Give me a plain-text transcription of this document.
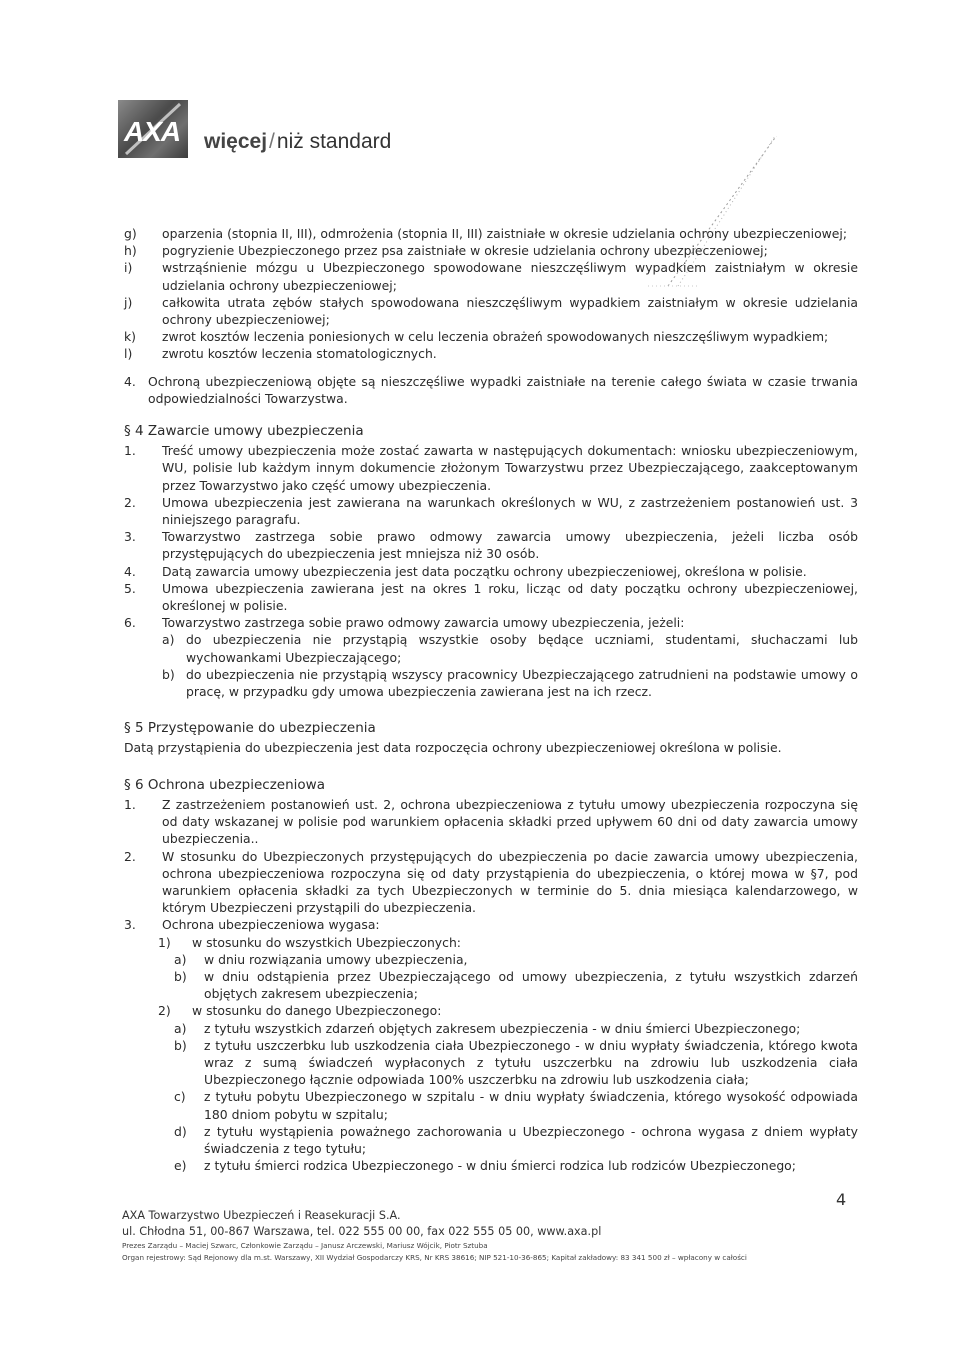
AXA więcej/niż standard
g) oparzenia (stopnia II, III), odmrożenia (stopnia II, III) zaistniałe w okresie udzielania ochrony ubezpieczeniowej;
h) pogryzienie Ubezpieczonego przez psa zaistniałe w okresie udzielania ochrony ubezpieczeniowej;
i) wstrząśnienie mózgu u Ubezpieczonego spowodowane nieszczęśliwym wypadkiem zaistniałym w okresie udzielania ochrony ubezpieczeniowej;
j) całkowita utrata zębów stałych spowodowana nieszczęśliwym wypadkiem zaistniałym w okresie udzielania ochrony ubezpieczeniowej;
k) zwrot kosztów leczenia poniesionych w celu leczenia obrażeń spowodowanych nieszczęśliwym wypadkiem;
l) zwrotu kosztów leczenia stomatologicznych.
4. Ochroną ubezpieczeniową objęte są nieszczęśliwe wypadki zaistniałe na terenie całego świata w czasie trwania odpowiedzialności Towarzystwa.
§ 4 Zawarcie umowy ubezpieczenia
1. Treść umowy ubezpieczenia może zostać zawarta w następujących dokumentach: wniosku ubezpieczeniowym, WU, polisie lub każdym innym dokumencie złożonym Towarzystwu przez Ubezpieczającego, zaakceptowanym przez Towarzystwo jako część umowy ubezpieczenia.
2. Umowa ubezpieczenia jest zawierana na warunkach określonych w WU, z zastrzeżeniem postanowień ust. 3 niniejszego paragrafu.
3. Towarzystwo zastrzega sobie prawo odmowy zawarcia umowy ubezpieczenia, jeżeli liczba osób przystępujących do ubezpieczenia jest mniejsza niż 30 osób.
4. Datą zawarcia umowy ubezpieczenia jest data początku ochrony ubezpieczeniowej, określona w polisie.
5. Umowa ubezpieczenia zawierana jest na okres 1 roku, licząc od daty początku ochrony ubezpieczeniowej, określonej w polisie.
6. Towarzystwo zastrzega sobie prawo odmowy zawarcia umowy ubezpieczenia, jeżeli:
a) do ubezpieczenia nie przystąpią wszystkie osoby będące uczniami, studentami, słuchaczami lub wychowankami Ubezpieczającego;
b) do ubezpieczenia nie przystąpią wszyscy pracownicy Ubezpieczającego zatrudnieni na podstawie umowy o pracę, w przypadku gdy umowa ubezpieczenia zawierana jest na ich rzecz.
§ 5 Przystępowanie do ubezpieczenia
Datą przystąpienia do ubezpieczenia jest data rozpoczęcia ochrony ubezpieczeniowej określona w polisie.
§ 6 Ochrona ubezpieczeniowa
1. Z zastrzeżeniem postanowień ust. 2, ochrona ubezpieczeniowa z tytułu umowy ubezpieczenia rozpoczyna się od daty wskazanej w polisie pod warunkiem opłacenia składki przed upływem 60 dni od daty zawarcia umowy ubezpieczenia..
2. W stosunku do Ubezpieczonych przystępujących do ubezpieczenia po dacie zawarcia umowy ubezpieczenia, ochrona ubezpieczeniowa rozpoczyna się od daty przystąpienia do ubezpieczenia, o której mowa w §7, pod warunkiem opłacenia składki za tych Ubezpieczonych w terminie do 5. dnia miesiąca kalendarzowego, w którym Ubezpieczeni przystąpili do ubezpieczenia.
3. Ochrona ubezpieczeniowa wygasa:
1) w stosunku do wszystkich Ubezpieczonych:
a) w dniu rozwiązania umowy ubezpieczenia,
b) w dniu odstąpienia przez Ubezpieczającego od umowy ubezpieczenia, z tytułu wszystkich zdarzeń objętych zakresem ubezpieczenia;
2) w stosunku do danego Ubezpieczonego:
a) z tytułu wszystkich zdarzeń objętych zakresem ubezpieczenia - w dniu śmierci Ubezpieczonego;
b) z tytułu uszczerbku lub uszkodzenia ciała Ubezpieczonego - w dniu wypłaty świadczenia, którego kwota wraz z sumą świadczeń wypłaconych z tytułu uszczerbku na zdrowiu lub uszkodzenia ciała Ubezpieczonego łącznie odpowiada 100% uszczerbku na zdrowiu lub uszkodzenia ciała;
c) z tytułu pobytu Ubezpieczonego w szpitalu - w dniu wypłaty świadczenia, którego wysokość odpowiada 180 dniom pobytu w szpitalu;
d) z tytułu wystąpienia poważnego zachorowania u Ubezpieczonego - ochrona wygasa z dniem wypłaty świadczenia z tego tytułu;
e) z tytułu śmierci rodzica Ubezpieczonego - w dniu śmierci rodzica lub rodziców Ubezpieczonego;
4
AXA Towarzystwo Ubezpieczeń i Reasekuracji S.A.
ul. Chłodna 51, 00-867 Warszawa, tel. 022 555 00 00, fax 022 555 05 00, www.axa.pl
Prezes Zarządu – Maciej Szwarc, Członkowie Zarządu – Janusz Arczewski, Mariusz Wójcik, Piotr Sztuba
Organ rejestrowy: Sąd Rejonowy dla m.st. Warszawy, XII Wydział Gospodarczy KRS, Nr KRS 38616; NIP 521-10-36-865; Kapitał zakładowy: 83 341 500 zł – wpłacony w całości
